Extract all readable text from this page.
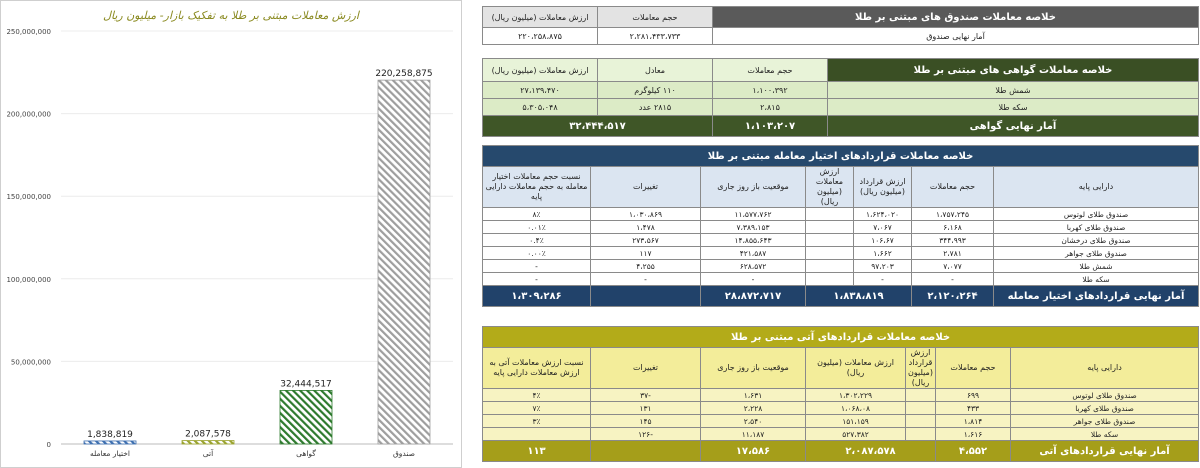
ارزش معاملات مبتنی بر طلا به تفکیک بازار- میلیون ریال
0
50,000,000
100,000,000
150,000,000
200,000,000
250,000,000
1,838,819
اختیار معامله
2,087,578
آتی
32,444,517
گواهی
220,258,875
صندوق
ارزش معاملات (میلیون ریال)	حجم معاملات	خلاصه معاملات صندوق های مبتنی بر طلا
۲۲۰،۲۵۸،۸۷۵	۲،۲۸۱،۴۳۳،۷۳۳	آمار نهایی صندوق
ارزش معاملات (میلیون ریال)	معادل	حجم معاملات	خلاصه معاملات گواهی های مبتنی بر طلا
۲۷،۱۳۹،۴۷۰	۱۱۰ کیلوگرم	۱،۱۰۰،۳۹۲	شمش طلا
۵،۳۰۵،۰۴۸	۲۸۱۵ عدد	۲،۸۱۵	سکه طلا
۳۲،۴۴۴،۵۱۷		۱،۱۰۳،۲۰۷	آمار نهایی گواهی
خلاصه معاملات قراردادهای اختیار معامله مبتنی بر طلا						
نسبت حجم معاملات اختیار معامله به حجم معاملات دارایی پایه	تغییرات	موقعیت باز روز جاری	ارزش معاملات (میلیون ریال)	ارزش قرارداد (میلیون ریال)	حجم معاملات	دارایی پایه
۸٪	۱،۰۳۰،۸۶۹	۱۱،۵۷۷،۷۶۲		۱،۶۲۴،۰۲۰	۱،۷۵۷،۲۴۵	صندوق طلای لوتوس
۰.۰۱٪	۱،۴۷۸	۷،۳۸۹،۱۵۳		۷،۰۶۷	۶،۱۶۸	صندوق طلای کهربا
۰.۴٪	۲۷۳،۵۶۷	۱۴،۸۵۵،۶۴۳		۱۰۶،۶۷	۳۴۴،۹۹۳	صندوق طلای درخشان
۰.۰۰٪	۱۱۷	۴۲۱،۵۸۷		۱،۶۶۲	۲،۷۸۱	صندوق طلای جواهر
-	۴،۲۵۵	۶۲۸،۵۷۲		۹۷،۲۰۳	۷،۰۷۷	شمش طلا
-	-	-		-	-	سکه طلا
۱،۳۰۹،۲۸۶		۲۸،۸۷۲،۷۱۷	۱،۸۳۸،۸۱۹		۲،۱۲۰،۲۶۴	آمار نهایی قراردادهای اختیار معامله
خلاصه معاملات قراردادهای آتی مبتنی بر طلا						
نسبت ارزش معاملات آتی به ارزش معاملات دارایی پایه	تغییرات	موقعیت باز روز جاری	ارزش معاملات (میلیون ریال)	ارزش قرارداد (میلیون ریال)	حجم معاملات	دارایی پایه
۴٪	-۳۷	۱،۶۳۱	۱،۳۰۲،۲۲۹		۶۹۹	صندوق طلای لوتوس
۷٪	۱۳۱	۲،۲۲۸	۱،۰۶۸،۰۸		۴۳۳	صندوق طلای کهربا
۳٪	۱۴۵	۲،۵۴۰	۱۵۱،۱۵۹		۱،۸۱۴	صندوق طلای جواهر
	-۱۲۶	۱۱،۱۸۷	۵۲۷،۳۸۲		۱،۶۱۶	سکه طلا
۱۱۳		۱۷،۵۸۶	۲،۰۸۷،۵۷۸		۴،۵۵۲	آمار نهایی قراردادهای آتی
